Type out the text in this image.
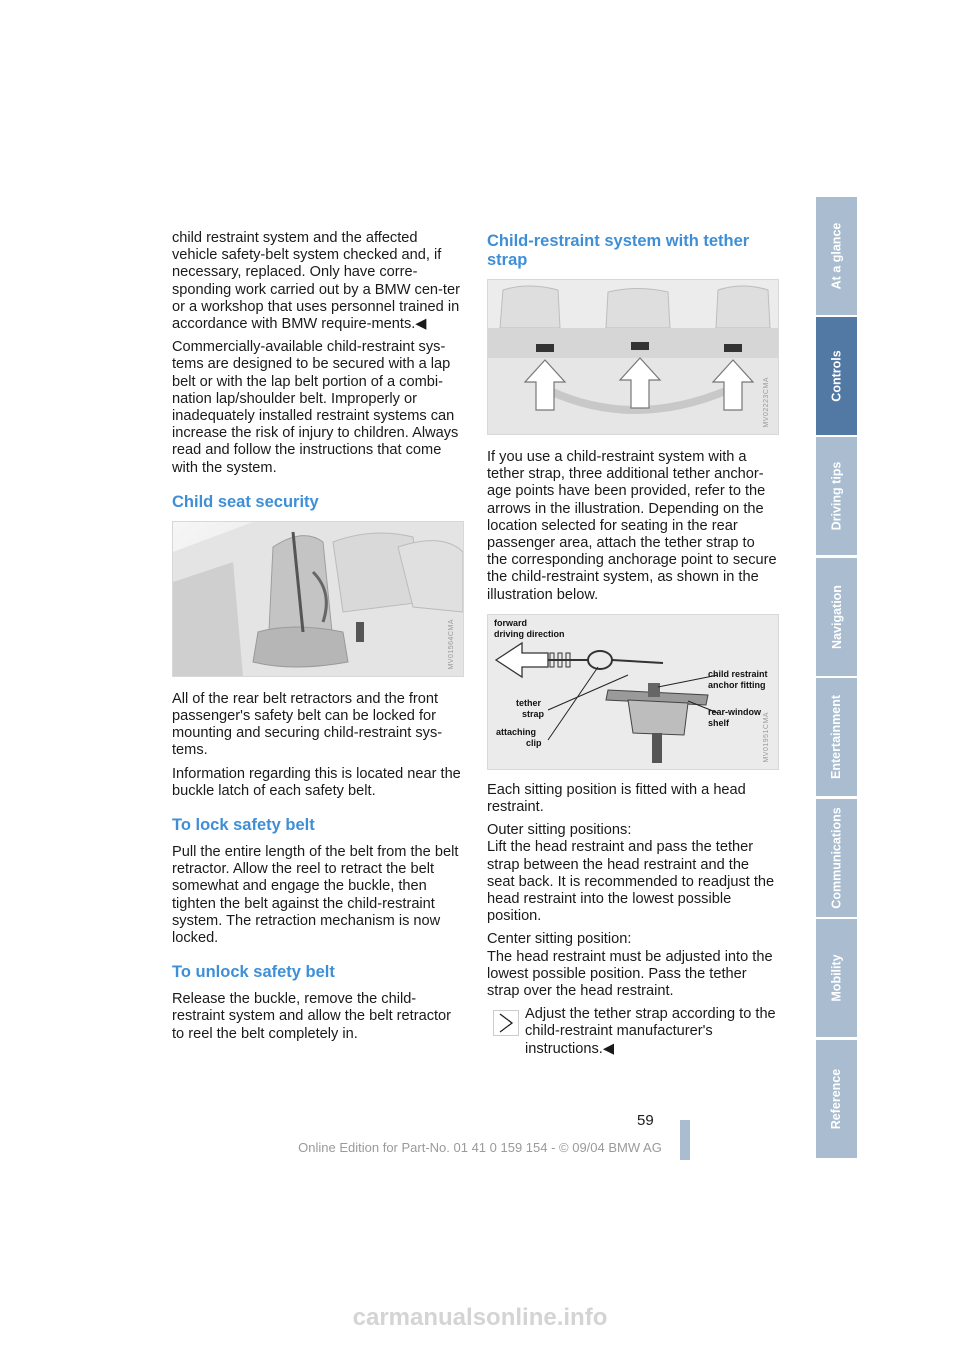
child restraint system and the affected vehicle safety-belt system checked and, if necessary, replaced. Only have corre-sponding work carried out by a BMW cen-ter or a workshop that uses personnel trained in accordance with BMW require-ments.◀

Commercially-available child-restraint sys-tems are designed to be secured with a lap belt or with the lap belt portion of a combi-nation lap/shoulder belt. Improperly or inadequately installed restraint systems can increase the risk of injury to children. Always read and follow the instructions that come with the system.

Child seat security
MV01564CMA

All of the rear belt retractors and the front passenger's safety belt can be locked for mounting and securing child-restraint sys-tems.

Information regarding this is located near the buckle latch of each safety belt.

To lock safety belt

Pull the entire length of the belt from the belt retractor. Allow the reel to retract the belt somewhat and engage the buckle, then tighten the belt against the child-restraint system. The retraction mechanism is now locked.

To unlock safety belt

Release the buckle, remove the child-restraint system and allow the belt retractor to reel the belt completely in.

Child-restraint system with tether strap
MV02223CMA

If you use a child-restraint system with a tether strap, three additional tether anchor-age points have been provided, refer to the arrows in the illustration. Depending on the location selected for seating in the rear passenger area, attach the tether strap to the corresponding anchorage point to secure the child-restraint system, as shown in the illustration below.

forward
driving direction
tether
strap
attaching
clip
child restraint
anchor fitting
rear-window
shelf	MV01951CMA

Each sitting position is fitted with a head restraint.

Outer sitting positions:

Lift the head restraint and pass the tether strap between the head restraint and the seat back. It is recommended to readjust the head restraint into the lowest possible position.

Center sitting position:

The head restraint must be adjusted into the lowest possible position. Pass the tether strap over the head restraint.

Adjust the tether strap according to the child-restraint manufacturer's instructions.◀
At a glance
Controls
Driving tips
Navigation
Entertainment
Communications
Mobility
Reference
59
Online Edition for Part-No. 01 41 0 159 154 - © 09/04 BMW AG
carmanualsonline.info
